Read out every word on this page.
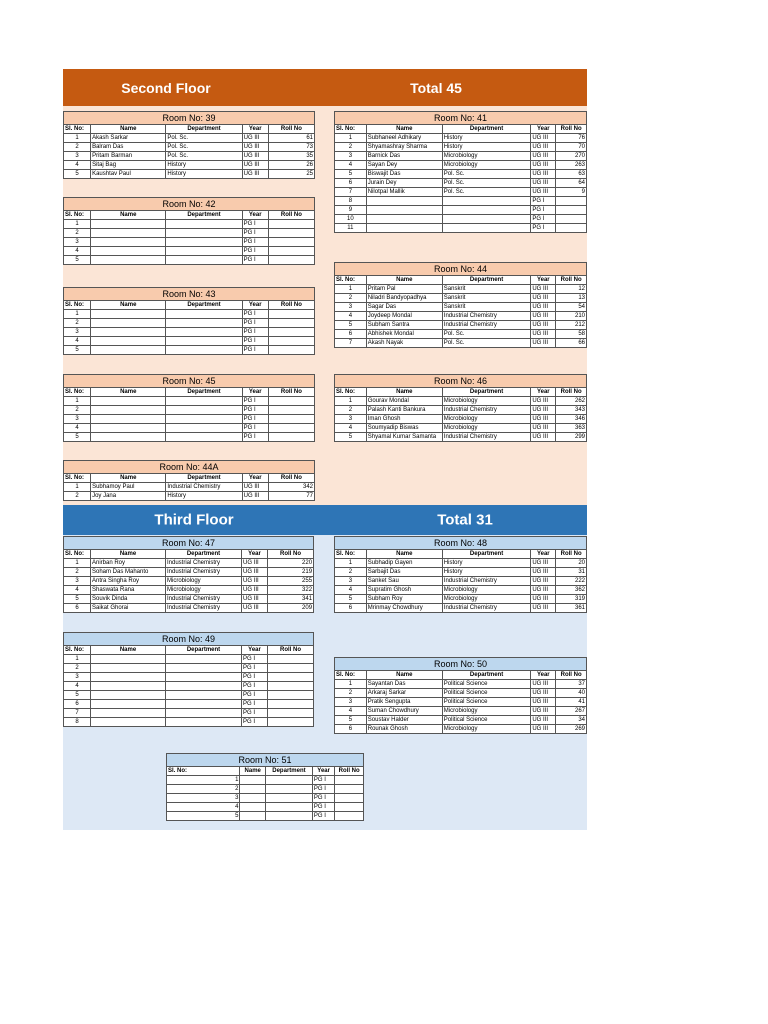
Second Floor	Total 45
Third Floor	Total 31
Room No: 39				
Sl. No:	Name	Department	Year	Roll No
1	Akash Sarkar	Pol. Sc.	UG III	61
2	Balram Das	Pol. Sc.	UG III	73
3	Pritam Barman	Pol. Sc.	UG III	35
4	Sitaj Bag	History	UG III	26
5	Kaushtav Paul	History	UG III	25
Room No: 41				
Sl. No:	Name	Department	Year	Roll No
1	Subhaneel Adhikary	History	UG III	76
2	Shyamashray Sharma	History	UG III	70
3	Barnick Das	Microbiology	UG III	270
4	Sayan Dey	Microbiology	UG III	263
5	Biswajit Das	Pol. Sc.	UG III	63
6	Jurain Dey	Pol. Sc.	UG III	64
7	Nilotpal Mallik	Pol. Sc.	UG III	9
8			PG I	
9			PG I	
10			PG I	
11			PG I	
Room No: 42				
Sl. No:	Name	Department	Year	Roll No
1			PG I	
2			PG I	
3			PG I	
4			PG I	
5			PG I	
Room No: 43				
Sl. No:	Name	Department	Year	Roll No
1			PG I	
2			PG I	
3			PG I	
4			PG I	
5			PG I	
Room No: 44				
Sl. No:	Name	Department	Year	Roll No
1	Pritam Pal	Sanskrit	UG III	12
2	Niladri Bandyopadhya	Sanskrit	UG III	13
3	Sagar Das	Sanskrit	UG III	54
4	Joydeep Mondal	Industrial Chemistry	UG III	210
5	Subham Santra	Industrial Chemistry	UG III	212
6	Abhishek Mondal	Pol. Sc.	UG III	58
7	Akash Nayak	Pol. Sc.	UG III	66
Room No: 45				
Sl. No:	Name	Department	Year	Roll No
1			PG I	
2			PG I	
3			PG I	
4			PG I	
5			PG I	
Room No: 46				
Sl. No:	Name	Department	Year	Roll No
1	Gourav Mondal	Microbiology	UG III	262
2	Palash Kanti Bankura	Industrial Chemistry	UG III	343
3	Iman Ghosh	Microbiology	UG III	346
4	Soumyadip Biswas	Microbiology	UG III	363
5	Shyamal Kumar Samanta	Industrial Chemistry	UG III	299
Room No: 44A				
Sl. No:	Name	Department	Year	Roll No
1	Subhamoy Paul	Industrial Chemistry	UG III	342
2	Joy Jana	History	UG III	77
Room No: 47				
Sl. No:	Name	Department	Year	Roll No
1	Anirban Roy	Industrial Chemistry	UG III	220
2	Soham Das Mahanto	Industrial Chemistry	UG III	219
3	Antra Singha Roy	Microbiology	UG III	255
4	Shaswata Rana	Microbiology	UG III	322
5	Souvik Dinda	Industrial Chemistry	UG III	341
6	Saikat Ghorai	Industrial Chemistry	UG III	209
Room No: 48				
Sl. No:	Name	Department	Year	Roll No
1	Subhadip Gayen	History	UG III	20
2	Sarbajit Das	History	UG III	31
3	Sanket Sau	Industrial Chemistry	UG III	222
4	Supratim Ghosh	Microbiology	UG III	362
5	Subham Roy	Microbiology	UG III	319
6	Mrinmay Chowdhury	Industrial Chemistry	UG III	361
Room No: 49				
Sl. No:	Name	Department	Year	Roll No
1			PG I	
2			PG I	
3			PG I	
4			PG I	
5			PG I	
6			PG I	
7			PG I	
8			PG I	
Room No: 50				
Sl. No:	Name	Department	Year	Roll No
1	Sayantan Das	Political Science	UG III	37
2	Arkaraj Sarkar	Political Science	UG III	40
3	Pratik Sengupta	Political Science	UG III	41
4	Suman Chowdhury	Microbiology	UG III	267
5	Soustav Halder	Political Science	UG III	34
6	Rounak Ghosh	Microbiology	UG III	269
Room No: 51				
Sl. No:	Name	Department	Year	Roll No
1			PG I	
2			PG I	
3			PG I	
4			PG I	
5			PG I	
